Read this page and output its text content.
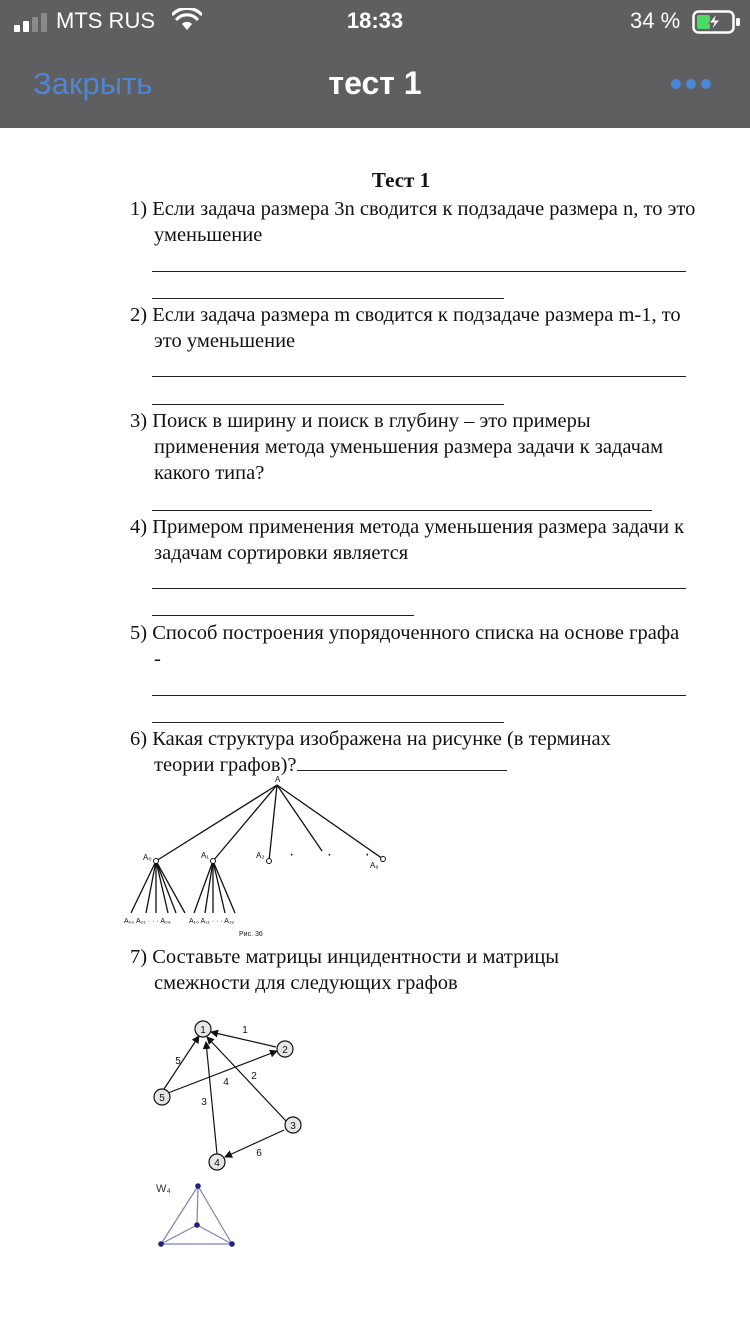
MTS RUS	18:33	34 %
Закрыть	тест 1
Тест 1
1) Если задача размера 3n сводится к подзадаче размера n, то это уменьшение
2) Если задача размера m сводится к подзадаче размера m-1, то это уменьшение
3) Поиск в ширину и поиск в глубину – это примеры применения метода уменьшения размера задачи к задачам какого типа?
4) Примером применения метода уменьшения размера задачи к задачам сортировки является
5) Способ построения упорядоченного списка на основе графа -
6) Какая структура изображена на рисунке (в терминах теории графов)?
A
A₀	A₁	A₂
A₉
· · ·
A₀₀ A₀₁ · · · A₀₉	A₁₀ A₁₁ · · · A₁₉
Рис. 36
7) Составьте матрицы инцидентности и матрицы смежности для следующих графов
1
2
3
4
5
1
2
3
4
5
6
W₄
